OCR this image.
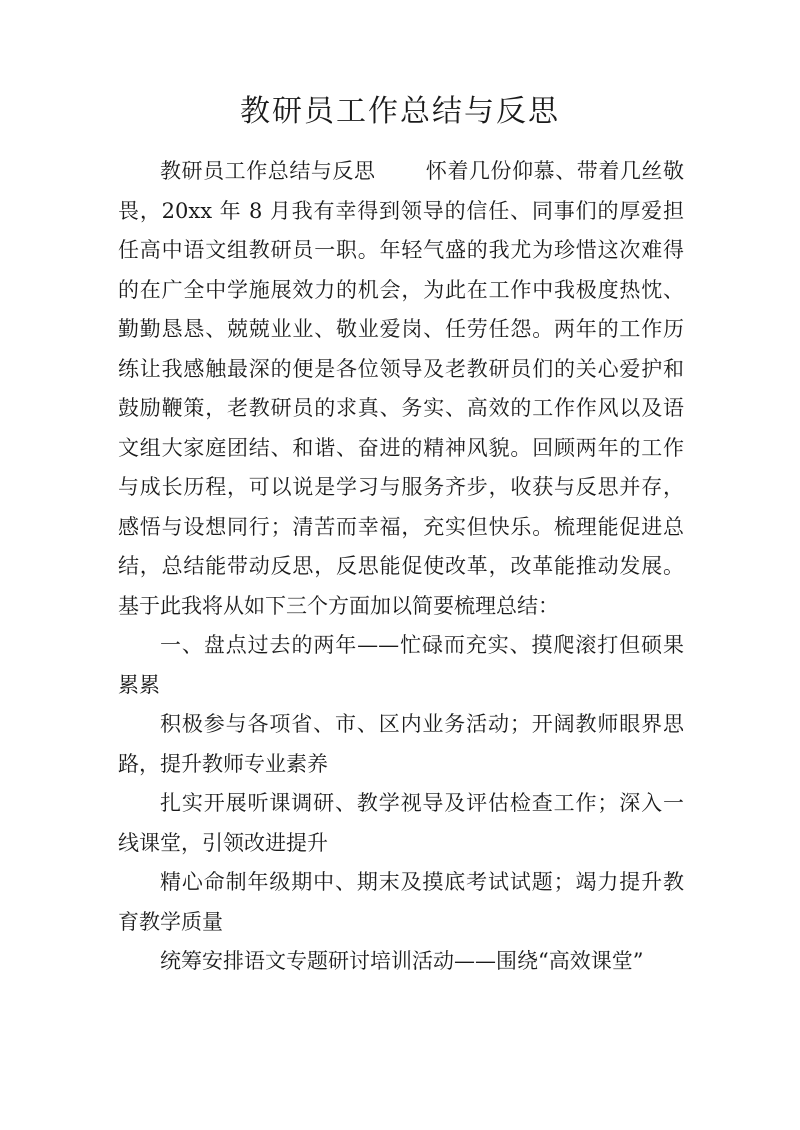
教研员工作总结与反思

教研员工作总结与反思　　 怀着几份仰慕、带着几丝敬畏，20xx 年 8 月我有幸得到领导的信任、同事们的厚爱担任高中语文组教研员一职。年轻气盛的我尤为珍惜这次难得的在广全中学施展效力的机会，为此在工作中我极度热忱、勤勤恳恳、兢兢业业、敬业爱岗、任劳任怨。两年的工作历练让我感触最深的便是各位领导及老教研员们的关心爱护和鼓励鞭策，老教研员的求真、务实、高效的工作作风以及语文组大家庭团结、和谐、奋进的精神风貌。回顾两年的工作与成长历程，可以说是学习与服务齐步，收获与反思并存，感悟与设想同行；清苦而幸福，充实但快乐。梳理能促进总结，总结能带动反思，反思能促使改革，改革能推动发展。基于此我将从如下三个方面加以简要梳理总结：

一、盘点过去的两年——忙碌而充实、摸爬滚打但硕果累累

积极参与各项省、市、区内业务活动；开阔教师眼界思路，提升教师专业素养

扎实开展听课调研、教学视导及评估检查工作；深入一线课堂，引领改进提升

精心命制年级期中、期末及摸底考试试题；竭力提升教育教学质量

统筹安排语文专题研讨培训活动——围绕“高效课堂”
